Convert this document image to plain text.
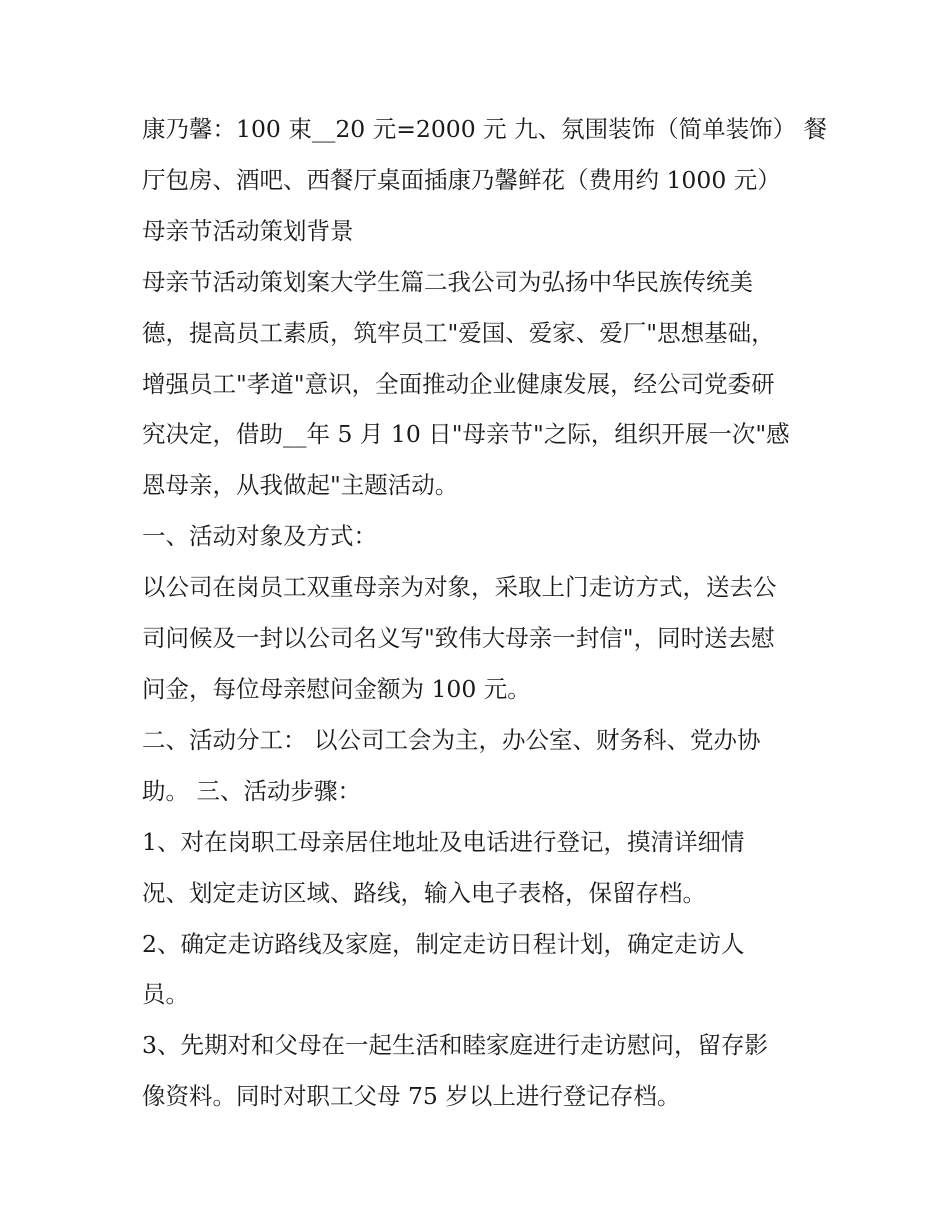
康乃馨：100 束__20 元=2000 元 九、氛围装饰（简单装饰） 餐
厅包房、酒吧、西餐厅桌面插康乃馨鲜花（费用约 1000 元）
母亲节活动策划背景
母亲节活动策划案大学生篇二我公司为弘扬中华民族传统美
德，提高员工素质，筑牢员工"爱国、爱家、爱厂"思想基础，
增强员工"孝道"意识，全面推动企业健康发展，经公司党委研
究决定，借助__年 5 月 10 日"母亲节"之际，组织开展一次"感
恩母亲，从我做起"主题活动。
一、活动对象及方式：
以公司在岗员工双重母亲为对象，采取上门走访方式，送去公
司问候及一封以公司名义写"致伟大母亲一封信"，同时送去慰
问金，每位母亲慰问金额为 100 元。
二、活动分工： 以公司工会为主，办公室、财务科、党办协
助。 三、活动步骤：
1、对在岗职工母亲居住地址及电话进行登记，摸清详细情
况、划定走访区域、路线，输入电子表格，保留存档。
2、确定走访路线及家庭，制定走访日程计划，确定走访人
员。
3、先期对和父母在一起生活和睦家庭进行走访慰问，留存影
像资料。同时对职工父母 75 岁以上进行登记存档。
